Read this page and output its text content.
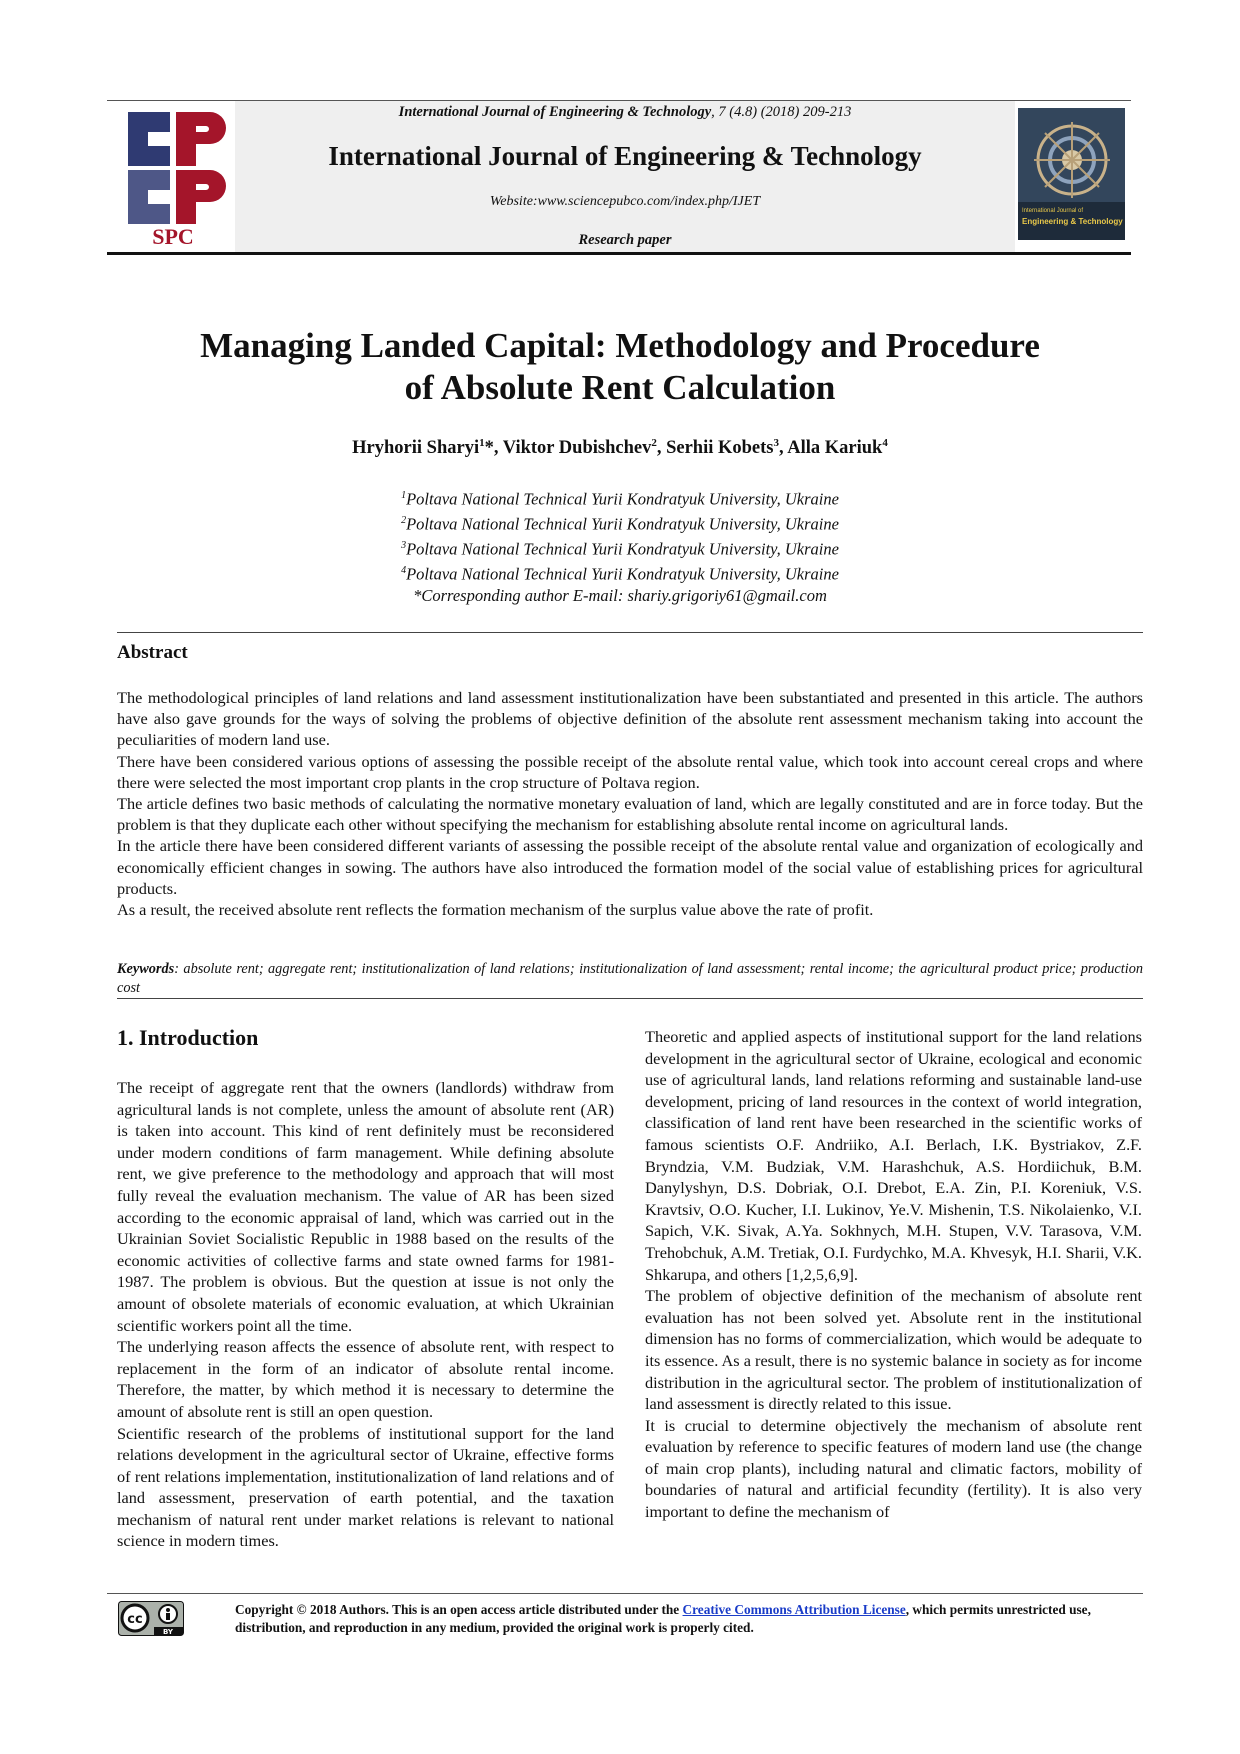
SPC
International Journal of
Engineering & Technology
International Journal of Engineering & Technology, 7 (4.8) (2018) 209-213
International Journal of Engineering & Technology
Website:www.sciencepubco.com/index.php/IJET
Research paper
Managing Landed Capital: Methodology and Procedure
of Absolute Rent Calculation
Hryhorii Sharyi$^1$*, Viktor Dubishchev$^2$, Serhii Kobets$^3$, Alla Kariuk$^4$
$^1$Poltava National Technical Yurii Kondratyuk University, Ukraine
$^2$Poltava National Technical Yurii Kondratyuk University, Ukraine
$^3$Poltava National Technical Yurii Kondratyuk University, Ukraine
$^4$Poltava National Technical Yurii Kondratyuk University, Ukraine
*Corresponding author E-mail: shariy.grigoriy61@gmail.com
Abstract

The methodological principles of land relations and land assessment institutionalization have been substantiated and presented in this article. The authors have also gave grounds for the ways of solving the problems of objective definition of the absolute rent assessment mechanism taking into account the peculiarities of modern land use.

There have been considered various options of assessing the possible receipt of the absolute rental value, which took into account cereal crops and where there were selected the most important crop plants in the crop structure of Poltava region.

The article defines two basic methods of calculating the normative monetary evaluation of land, which are legally constituted and are in force today. But the problem is that they duplicate each other without specifying the mechanism for establishing absolute rental income on agricultural lands.

In the article there have been considered different variants of assessing the possible receipt of the absolute rental value and organization of ecologically and economically efficient changes in sowing. The authors have also introduced the formation model of the social value of establishing prices for agricultural products.

As a result, the received absolute rent reflects the formation mechanism of the surplus value above the rate of profit.

Keywords: absolute rent; aggregate rent; institutionalization of land relations; institutionalization of land assessment; rental income; the agricultural product price; production cost
1. Introduction

The receipt of aggregate rent that the owners (landlords) withdraw from agricultural lands is not complete, unless the amount of absolute rent (AR) is taken into account. This kind of rent definitely must be reconsidered under modern conditions of farm management. While defining absolute rent, we give preference to the methodology and approach that will most fully reveal the evaluation mechanism. The value of AR has been sized according to the economic appraisal of land, which was carried out in the Ukrainian Soviet Socialistic Republic in 1988 based on the results of the economic activities of collective farms and state owned farms for 1981-1987. The problem is obvious. But the question at issue is not only the amount of obsolete materials of economic evaluation, at which Ukrainian scientific workers point all the time.

The underlying reason affects the essence of absolute rent, with respect to replacement in the form of an indicator of absolute rental income. Therefore, the matter, by which method it is necessary to determine the amount of absolute rent is still an open question.

Scientific research of the problems of institutional support for the land relations development in the agricultural sector of Ukraine, effective forms of rent relations implementation, institutionalization of land relations and of land assessment, preservation of earth potential, and the taxation mechanism of natural rent under market relations is relevant to national science in modern times.

Theoretic and applied aspects of institutional support for the land relations development in the agricultural sector of Ukraine, ecological and economic use of agricultural lands, land relations reforming and sustainable land-use development, pricing of land resources in the context of world integration, classification of land rent have been researched in the scientific works of famous scientists O.F. Andriiko, A.I. Berlach, I.K. Bystriakov, Z.F. Bryndzia, V.M. Budziak, V.M. Harashchuk, A.S. Hordiichuk, B.M. Danylyshyn, D.S. Dobriak, O.I. Drebot, E.A. Zin, P.I. Koreniuk, V.S. Kravtsiv, O.O. Kucher, I.I. Lukinov, Ye.V. Mishenin, T.S. Nikolaienko, V.I. Sapich, V.K. Sivak, A.Ya. Sokhnych, M.H. Stupen, V.V. Tarasova, V.M. Trehobchuk, A.M. Tretiak, O.I. Furdychko, M.A. Khvesyk, H.I. Sharii, V.K. Shkarupa, and others [1,2,5,6,9].

The problem of objective definition of the mechanism of absolute rent evaluation has not been solved yet. Absolute rent in the institutional dimension has no forms of commercialization, which would be adequate to its essence. As a result, there is no systemic balance in society as for income distribution in the agricultural sector. The problem of institutionalization of land assessment is directly related to this issue.

It is crucial to determine objectively the mechanism of absolute rent evaluation by reference to specific features of modern land use (the change of main crop plants), including natural and climatic factors, mobility of boundaries of natural and artificial fecundity (fertility). It is also very important to define the mechanism of

cc
BY
Copyright © 2018 Authors. This is an open access article distributed under the Creative Commons Attribution License, which permits unrestricted use, distribution, and reproduction in any medium, provided the original work is properly cited.
